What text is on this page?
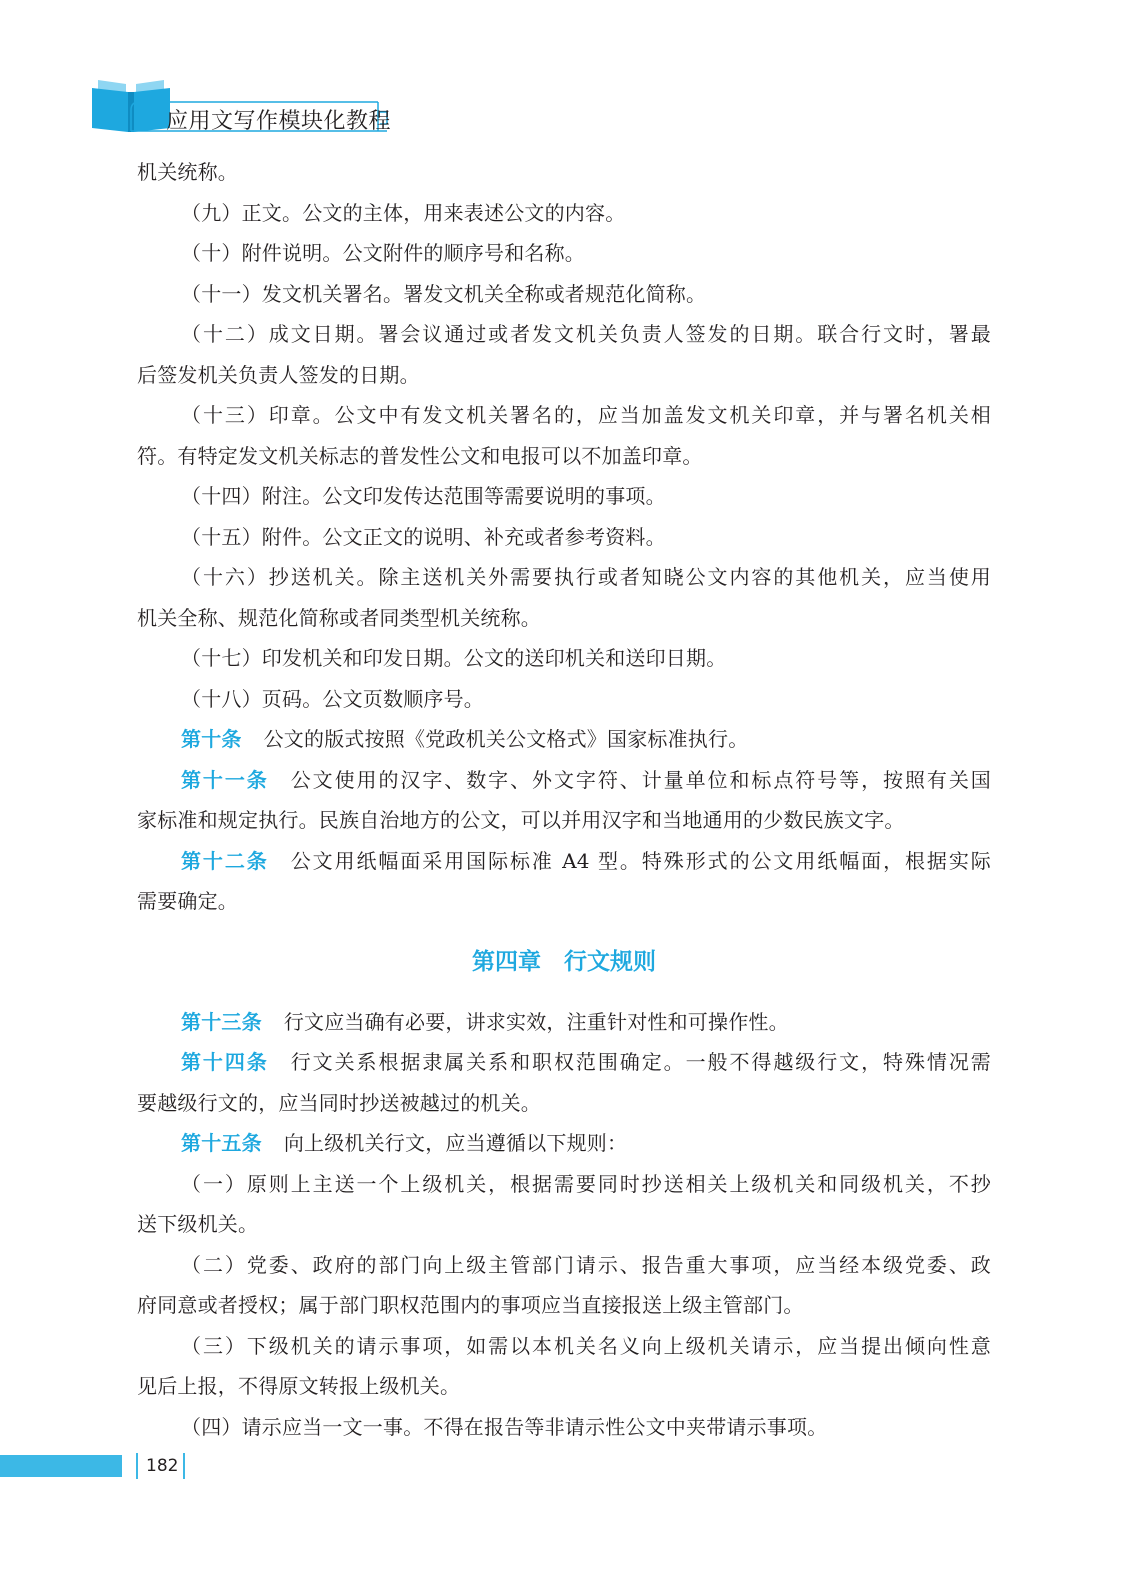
应用文写作模块化教程
机关统称。
（九）正文。公文的主体，用来表述公文的内容。
（十）附件说明。公文附件的顺序号和名称。
（十一）发文机关署名。署发文机关全称或者规范化简称。
（十二）成文日期。署会议通过或者发文机关负责人签发的日期。联合行文时，署最
后签发机关负责人签发的日期。
（十三）印章。公文中有发文机关署名的，应当加盖发文机关印章，并与署名机关相
符。有特定发文机关标志的普发性公文和电报可以不加盖印章。
（十四）附注。公文印发传达范围等需要说明的事项。
（十五）附件。公文正文的说明、补充或者参考资料。
（十六）抄送机关。除主送机关外需要执行或者知晓公文内容的其他机关，应当使用
机关全称、规范化简称或者同类型机关统称。
（十七）印发机关和印发日期。公文的送印机关和送印日期。
（十八）页码。公文页数顺序号。
第十条 公文的版式按照《党政机关公文格式》国家标准执行。
第十一条 公文使用的汉字、数字、外文字符、计量单位和标点符号等，按照有关国
家标准和规定执行。民族自治地方的公文，可以并用汉字和当地通用的少数民族文字。
第十二条 公文用纸幅面采用国际标准 A4 型。特殊形式的公文用纸幅面，根据实际
需要确定。
第四章　行文规则
第十三条 行文应当确有必要，讲求实效，注重针对性和可操作性。
第十四条 行文关系根据隶属关系和职权范围确定。一般不得越级行文，特殊情况需
要越级行文的，应当同时抄送被越过的机关。
第十五条 向上级机关行文，应当遵循以下规则：
（一）原则上主送一个上级机关，根据需要同时抄送相关上级机关和同级机关，不抄
送下级机关。
（二）党委、政府的部门向上级主管部门请示、报告重大事项，应当经本级党委、政
府同意或者授权；属于部门职权范围内的事项应当直接报送上级主管部门。
（三）下级机关的请示事项，如需以本机关名义向上级机关请示，应当提出倾向性意
见后上报，不得原文转报上级机关。
（四）请示应当一文一事。不得在报告等非请示性公文中夹带请示事项。
182
